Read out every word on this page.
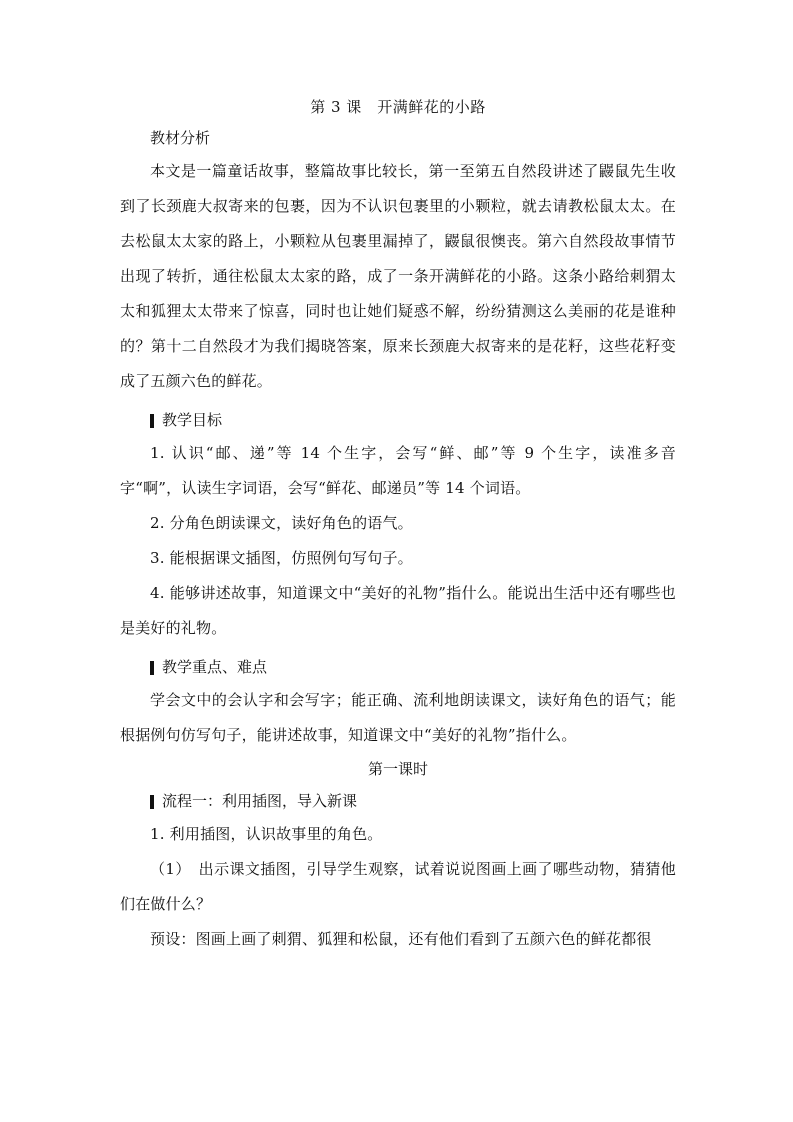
第 3 课　开满鲜花的小路

教材分析

本文是一篇童话故事，整篇故事比较长，第一至第五自然段讲述了鼹鼠先生收到了长颈鹿大叔寄来的包裹，因为不认识包裹里的小颗粒，就去请教松鼠太太。在去松鼠太太家的路上，小颗粒从包裹里漏掉了，鼹鼠很懊丧。第六自然段故事情节出现了转折，通往松鼠太太家的路，成了一条开满鲜花的小路。这条小路给刺猬太太和狐狸太太带来了惊喜，同时也让她们疑惑不解，纷纷猜测这么美丽的花是谁种的？第十二自然段才为我们揭晓答案，原来长颈鹿大叔寄来的是花籽，这些花籽变成了五颜六色的鲜花。

教学目标

1. 认识“邮、递”等 14 个生字，会写“鲜、邮”等 9 个生字，读准多音字“啊”，认读生字词语，会写“鲜花、邮递员”等 14 个词语。

2. 分角色朗读课文，读好角色的语气。

3. 能根据课文插图，仿照例句写句子。

4. 能够讲述故事，知道课文中“美好的礼物”指什么。能说出生活中还有哪些也是美好的礼物。

教学重点、难点

学会文中的会认字和会写字；能正确、流利地朗读课文，读好角色的语气；能根据例句仿写句子，能讲述故事，知道课文中“美好的礼物”指什么。

第一课时

流程一：利用插图，导入新课

1. 利用插图，认识故事里的角色。

（1）　出示课文插图，引导学生观察，试着说说图画上画了哪些动物，猜猜他们在做什么？

预设：图画上画了刺猬、狐狸和松鼠，还有他们看到了五颜六色的鲜花都很
